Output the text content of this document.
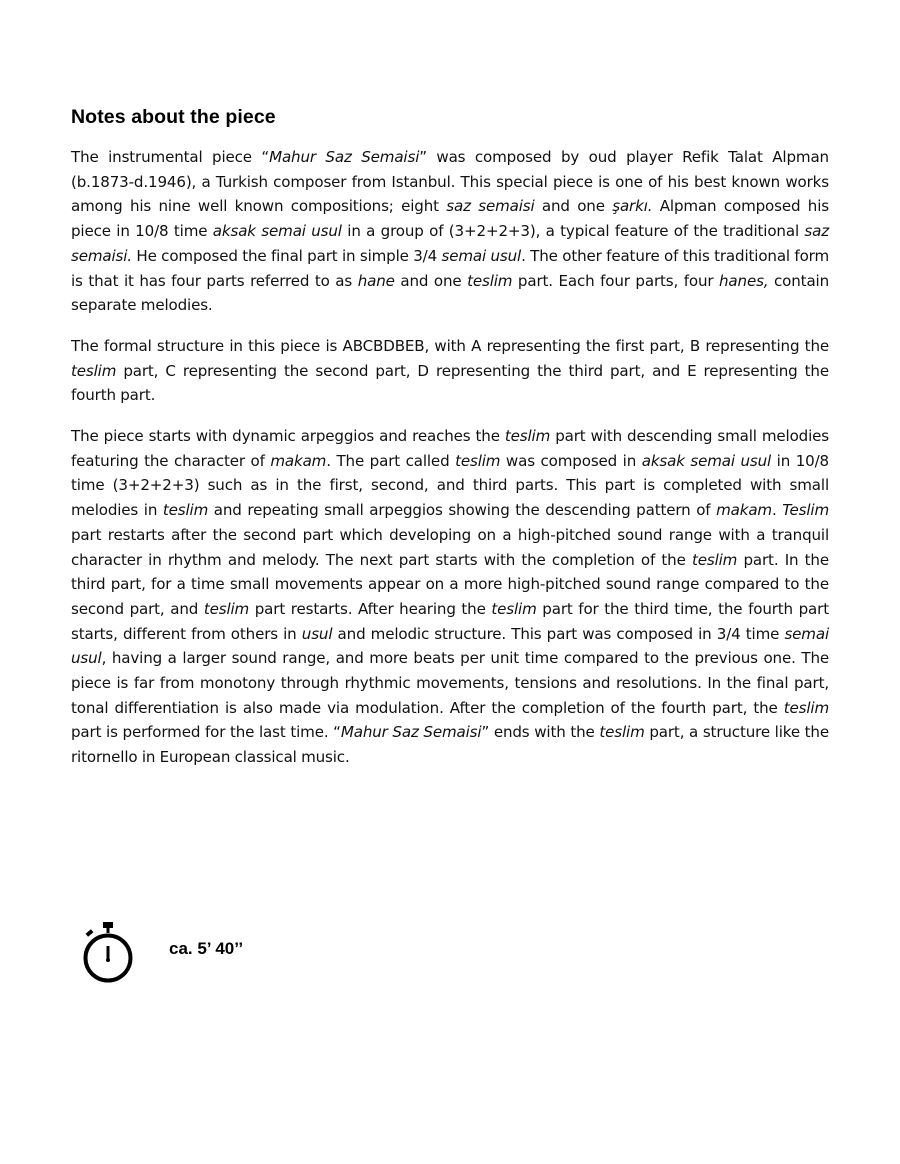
Notes about the piece

The instrumental piece “Mahur Saz Semaisi” was composed by oud player Refik Talat Alpman (b.1873-d.1946), a Turkish composer from Istanbul. This special piece is one of his best known works among his nine well known compositions; eight saz semaisi and one şarkı. Alpman composed his piece in 10/8 time aksak semai usul in a group of (3+2+2+3), a typical feature of the traditional saz semaisi. He composed the final part in simple 3/4 semai usul. The other feature of this traditional form is that it has four parts referred to as hane and one teslim part. Each four parts, four hanes, contain separate melodies.

The formal structure in this piece is ABCBDBEB, with A representing the first part, B representing the teslim part, C representing the second part, D representing the third part, and E representing the fourth part.

The piece starts with dynamic arpeggios and reaches the teslim part with descending small melodies featuring the character of makam. The part called teslim was composed in aksak semai usul in 10/8 time (3+2+2+3) such as in the first, second, and third parts. This part is completed with small melodies in teslim and repeating small arpeggios showing the descending pattern of makam. Teslim part restarts after the second part which developing on a high-pitched sound range with a tranquil character in rhythm and melody. The next part starts with the completion of the teslim part. In the third part, for a time small movements appear on a more high-pitched sound range compared to the second part, and teslim part restarts. After hearing the teslim part for the third time, the fourth part starts, different from others in usul and melodic structure. This part was composed in 3/4 time semai usul, having a larger sound range, and more beats per unit time compared to the previous one. The piece is far from monotony through rhythmic movements, tensions and resolutions. In the final part, tonal differentiation is also made via modulation. After the completion of the fourth part, the teslim part is performed for the last time. “Mahur Saz Semaisi” ends with the teslim part, a structure like the ritornello in European classical music.

ca. 5’ 40’’
